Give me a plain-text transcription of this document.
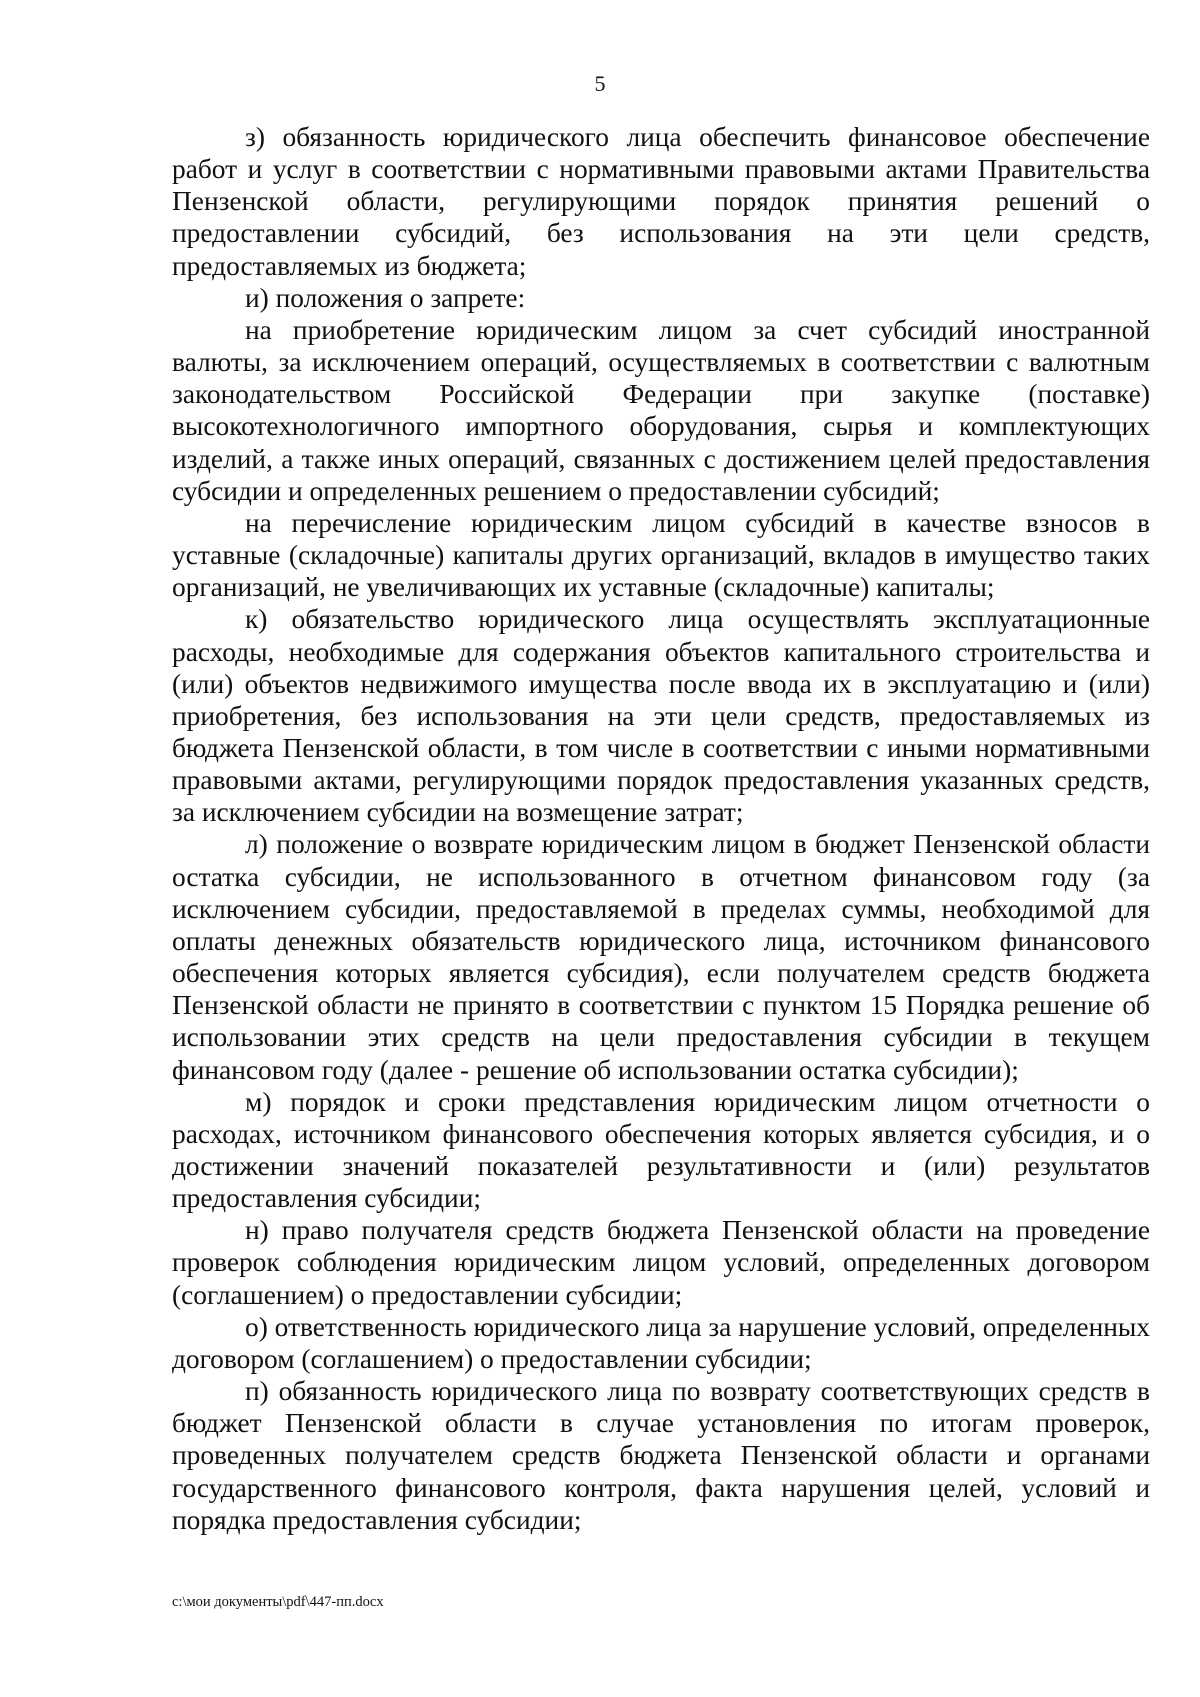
5

з) обязанность юридического лица обеспечить финансовое обеспечение работ и услуг в соответствии с нормативными правовыми актами Правительства Пензенской области, регулирующими порядок принятия решений о предоставлении субсидий, без использования на эти цели средств, предоставляемых из бюджета;

и) положения о запрете:

на приобретение юридическим лицом за счет субсидий иностранной валюты, за исключением операций, осуществляемых в соответствии с валютным законодательством Российской Федерации при закупке (поставке) высокотехнологичного импортного оборудования, сырья и комплектующих изделий, а также иных операций, связанных с достижением целей предоставления субсидии и определенных решением о предоставлении субсидий;

на перечисление юридическим лицом субсидий в качестве взносов в уставные (складочные) капиталы других организаций, вкладов в имущество таких организаций, не увеличивающих их уставные (складочные) капиталы;

к) обязательство юридического лица осуществлять эксплуатационные расходы, необходимые для содержания объектов капитального строительства и (или) объектов недвижимого имущества после ввода их в эксплуатацию и (или) приобретения, без использования на эти цели средств, предоставляемых из бюджета Пензенской области, в том числе в соответствии с иными нормативными правовыми актами, регулирующими порядок предоставления указанных средств, за исключением субсидии на возмещение затрат;

л) положение о возврате юридическим лицом в бюджет Пензенской области остатка субсидии, не использованного в отчетном финансовом году (за исключением субсидии, предоставляемой в пределах суммы, необходимой для оплаты денежных обязательств юридического лица, источником финансового обеспечения которых является субсидия), если получателем средств бюджета Пензенской области не принято в соответствии с пунктом 15 Порядка решение об использовании этих средств на цели предоставления субсидии в текущем финансовом году (далее - решение об использовании остатка субсидии);

м) порядок и сроки представления юридическим лицом отчетности о расходах, источником финансового обеспечения которых является субсидия, и о достижении значений показателей результативности и (или) результатов предоставления субсидии;

н) право получателя средств бюджета Пензенской области на проведение проверок соблюдения юридическим лицом условий, определенных договором (соглашением) о предоставлении субсидии;

о) ответственность юридического лица за нарушение условий, определенных договором (соглашением) о предоставлении субсидии;

п) обязанность юридического лица по возврату соответствующих средств в бюджет Пензенской области в случае установления по итогам проверок, проведенных получателем средств бюджета Пензенской области и органами государственного финансового контроля, факта нарушения целей, условий и порядка предоставления субсидии;

c:\мои документы\pdf\447-пп.docx
